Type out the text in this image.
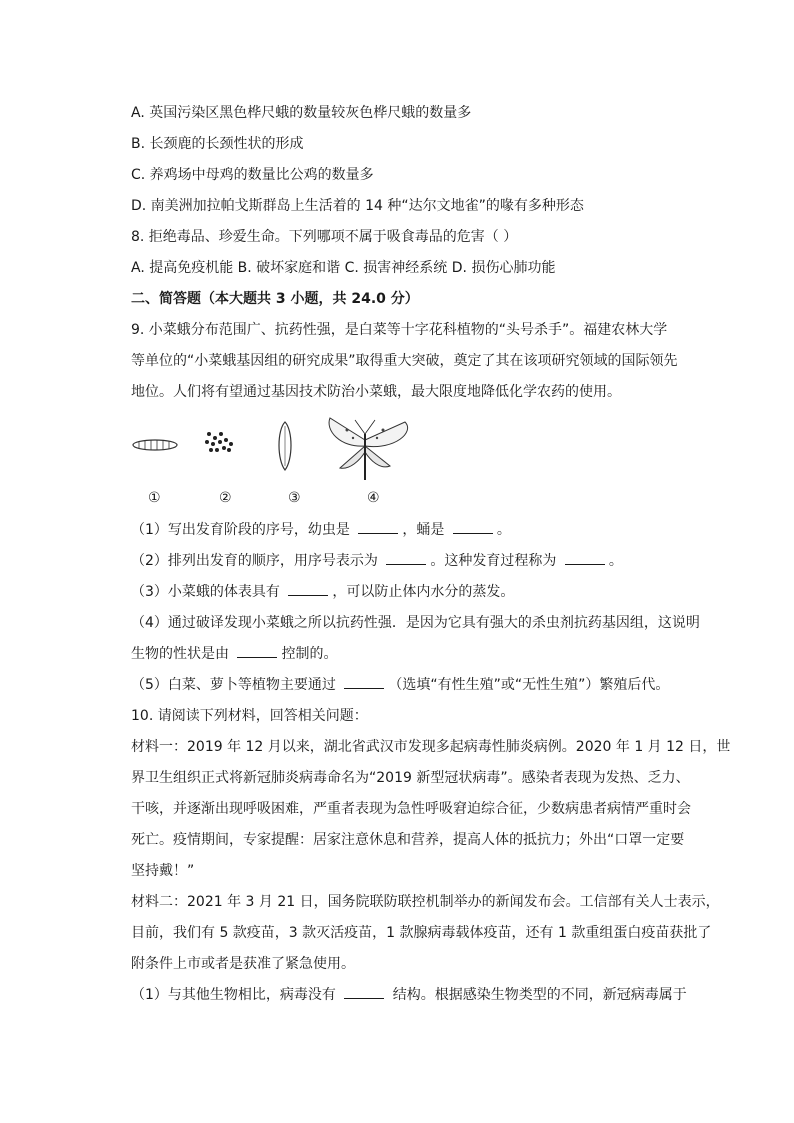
A. 英国污染区黑色桦尺蛾的数量较灰色桦尺蛾的数量多
B. 长颈鹿的长颈性状的形成
C. 养鸡场中母鸡的数量比公鸡的数量多
D. 南美洲加拉帕戈斯群岛上生活着的 14 种“达尔文地雀”的喙有多种形态
8. 拒绝毒品、珍爱生命。下列哪项不属于吸食毒品的危害（ ）
A. 提高免疫机能 B. 破坏家庭和谐 C. 损害神经系统 D. 损伤心肺功能
二、简答题（本大题共 3 小题，共 24.0 分）
9. 小菜蛾分布范围广、抗药性强，是白菜等十字花科植物的“头号杀手”。福建农林大学
等单位的“小菜蛾基因组的研究成果”取得重大突破，奠定了其在该项研究领域的国际领先
地位。人们将有望通过基因技术防治小菜蛾，最大限度地降低化学农药的使用。
①	②	③	④
（1）写出发育阶段的序号，幼虫是	，蛹是	。
（2）排列出发育的顺序，用序号表示为	。这种发育过程称为	。
（3）小菜蛾的体表具有	，可以防止体内水分的蒸发。
（4）通过破译发现小菜蛾之所以抗药性强．是因为它具有强大的杀虫剂抗药基因组，这说明
生物的性状是由	控制的。
（5）白菜、萝卜等植物主要通过	（选填“有性生殖”或“无性生殖”）繁殖后代。
10. 请阅读下列材料，回答相关问题：
材料一：2019 年 12 月以来，湖北省武汉市发现多起病毒性肺炎病例。2020 年 1 月 12 日，世
界卫生组织正式将新冠肺炎病毒命名为“2019 新型冠状病毒”。感染者表现为发热、乏力、
干咳，并逐渐出现呼吸困难，严重者表现为急性呼吸窘迫综合征，少数病患者病情严重时会
死亡。疫情期间，专家提醒：居家注意休息和营养，提高人体的抵抗力；外出“口罩一定要
坚持戴！”
材料二：2021 年 3 月 21 日，国务院联防联控机制举办的新闻发布会。工信部有关人士表示，
目前，我们有 5 款疫苗，3 款灭活疫苗，1 款腺病毒载体疫苗，还有 1 款重组蛋白疫苗获批了
附条件上市或者是获准了紧急使用。
（1）与其他生物相比，病毒没有	结构。根据感染生物类型的不同，新冠病毒属于
